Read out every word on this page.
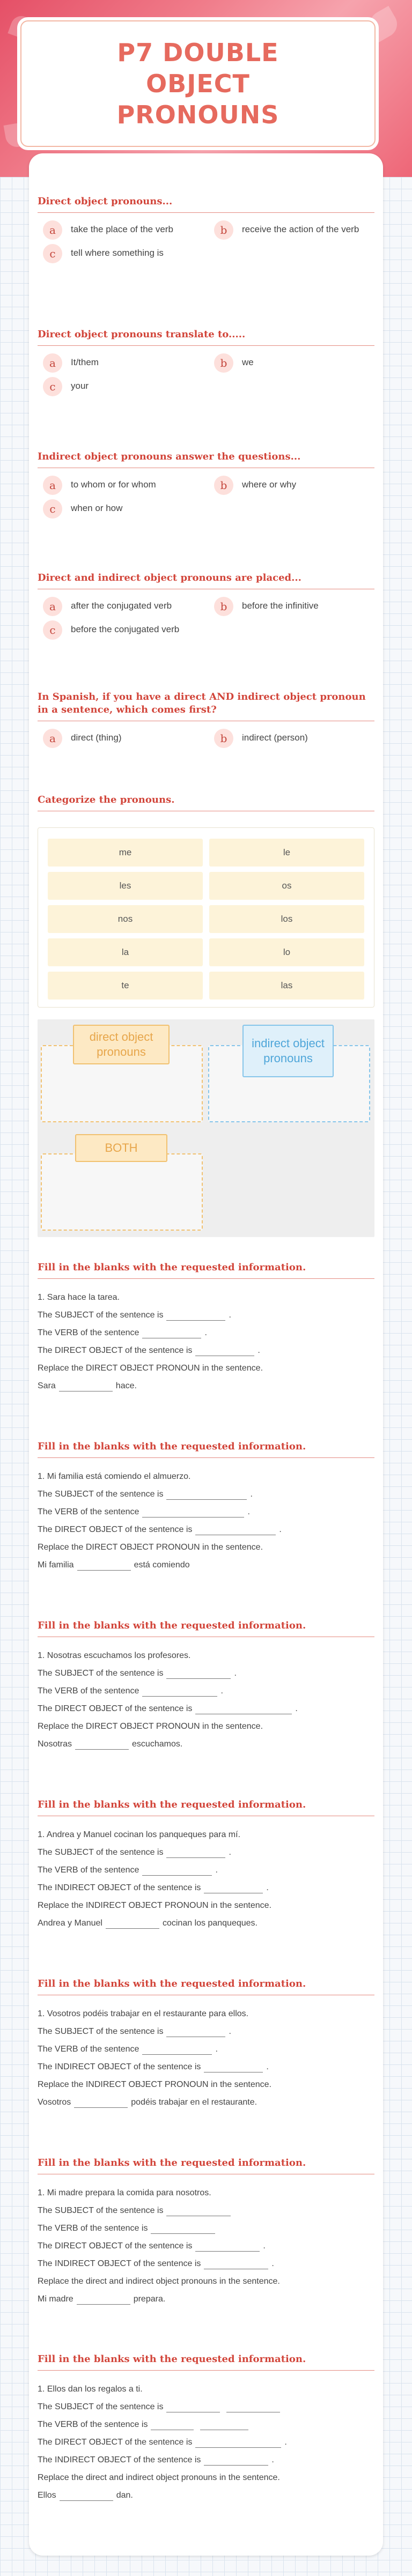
P7 DOUBLE OBJECT PRONOUNS
Direct object pronouns...
a	take the place of the verb	b	receive the action of the verb
c	tell where something is
Direct object pronouns translate to.....
a	It/them	b	we
c	your
Indirect object pronouns answer the questions...
a	to whom or for whom	b	where or why
c	when or how
Direct and indirect object pronouns are placed...
a	after the conjugated verb	b	before the infinitive
c	before the conjugated verb
In Spanish, if you have a direct AND indirect object pronoun in a sentence, which comes first?
a	direct (thing)	b	indirect (person)
Categorize the pronouns.
me	le
les	os
nos	los
la	lo
te	las
direct object pronouns
indirect object pronouns
BOTH
Fill in the blanks with the requested information.
1. Sara hace la tarea.
The SUBJECT of the sentence is	.
The VERB of the sentence	.
The DIRECT OBJECT of the sentence is	.
Replace the DIRECT OBJECT PRONOUN in the sentence.
Sara	hace.
Fill in the blanks with the requested information.
1. Mi familia está comiendo el almuerzo.
The SUBJECT of the sentence is	.
The VERB of the sentence	.
The DIRECT OBJECT of the sentence is	.
Replace the DIRECT OBJECT PRONOUN in the sentence.
Mi familia	está comiendo
Fill in the blanks with the requested information.
1. Nosotras escuchamos los profesores.
The SUBJECT of the sentence is	.
The VERB of the sentence	.
The DIRECT OBJECT of the sentence is	.
Replace the DIRECT OBJECT PRONOUN in the sentence.
Nosotras	escuchamos.
Fill in the blanks with the requested information.
1. Andrea y Manuel cocinan los panqueques para mí.
The SUBJECT of the sentence is	.
The VERB of the sentence	.
The INDIRECT OBJECT of the sentence is	.
Replace the INDIRECT OBJECT PRONOUN in the sentence.
Andrea y Manuel	cocinan los panqueques.
Fill in the blanks with the requested information.
1. Vosotros podéis trabajar en el restaurante para ellos.
The SUBJECT of the sentence is	.
The VERB of the sentence	.
The INDIRECT OBJECT of the sentence is	.
Replace the INDIRECT OBJECT PRONOUN in the sentence.
Vosotros	podéis trabajar en el restaurante.
Fill in the blanks with the requested information.
1. Mi madre prepara la comida para nosotros.
The SUBJECT of the sentence is
The VERB of the sentence is
The DIRECT OBJECT of the sentence is	.
The INDIRECT OBJECT of the sentence is	.
Replace the direct and indirect object pronouns in the sentence.
Mi madre	prepara.
Fill in the blanks with the requested information.
1. Ellos dan los regalos a ti.
The SUBJECT of the sentence is
The VERB of the sentence is
The DIRECT OBJECT of the sentence is	.
The INDIRECT OBJECT of the sentence is	.
Replace the direct and indirect object pronouns in the sentence.
Ellos	dan.
